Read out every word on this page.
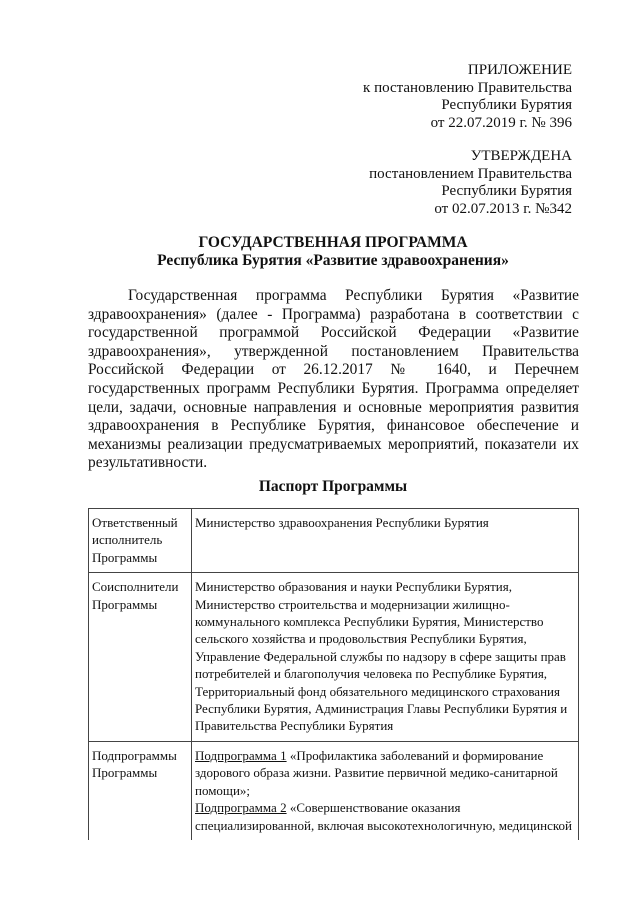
ПРИЛОЖЕНИЕ
к постановлению Правительства
Республики Бурятия
от 22.07.2019 г. № 396
УТВЕРЖДЕНА
постановлением Правительства
Республики Бурятия
от 02.07.2013 г. №342
ГОСУДАРСТВЕННАЯ ПРОГРАММА
Республика Бурятия «Развитие здравоохранения»
Государственная программа Республики Бурятия «Развитие здравоохранения» (далее - Программа) разработана в соответствии с государственной программой Российской Федерации «Развитие здравоохранения», утвержденной постановлением Правительства Российской Федерации от 26.12.2017 № 1640, и Перечнем государственных программ Республики Бурятия. Программа определяет цели, задачи, основные направления и основные мероприятия развития здравоохранения в Республике Бурятия, финансовое обеспечение и механизмы реализации предусматриваемых мероприятий, показатели их результативности.
Паспорт Программы
Ответственный исполнитель Программы	Министерство здравоохранения Республики Бурятия
Соисполнители Программы	Министерство образования и науки Республики Бурятия, Министерство строительства и модернизации жилищно-коммунального комплекса Республики Бурятия, Министерство сельского хозяйства и продовольствия Республики Бурятия, Управление Федеральной службы по надзору в сфере защиты прав потребителей и благополучия человека по Республике Бурятия, Территориальный фонд обязательного медицинского страхования Республики Бурятия, Администрация Главы Республики Бурятия и Правительства Республики Бурятия
Подпрограммы Программы	Подпрограмма 1 «Профилактика заболеваний и формирование здорового образа жизни. Развитие первичной медико-санитарной помощи»;
Подпрограмма 2 «Совершенствование оказания специализированной, включая высокотехнологичную, медицинской
